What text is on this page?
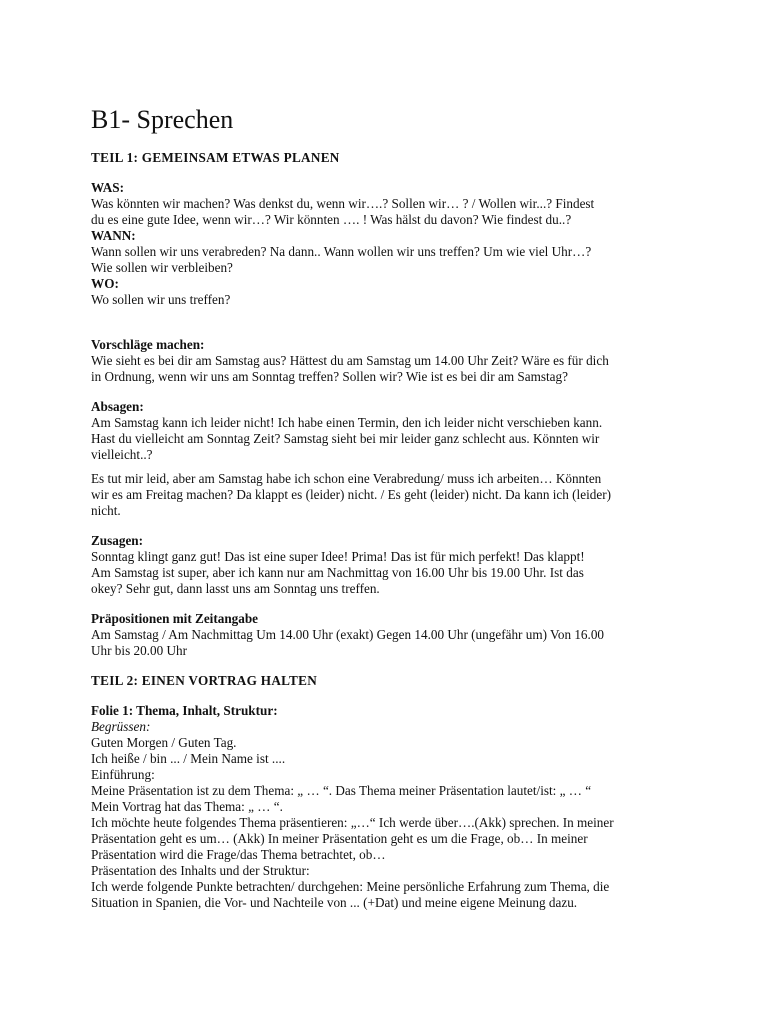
B1- Sprechen
TEIL 1: GEMEINSAM ETWAS PLANEN
WAS:
Was könnten wir machen? Was denkst du, wenn wir….? Sollen wir… ? / Wollen wir...? Findest
du es eine gute Idee, wenn wir…? Wir könnten …. ! Was hälst du davon? Wie findest du..?
WANN:
Wann sollen wir uns verabreden? Na dann.. Wann wollen wir uns treffen? Um wie viel Uhr…?
Wie sollen wir verbleiben?
WO:
Wo sollen wir uns treffen?
Vorschläge machen:
Wie sieht es bei dir am Samstag aus? Hättest du am Samstag um 14.00 Uhr Zeit? Wäre es für dich
in Ordnung, wenn wir uns am Sonntag treffen? Sollen wir? Wie ist es bei dir am Samstag?
Absagen:
Am Samstag kann ich leider nicht! Ich habe einen Termin, den ich leider nicht verschieben kann.
Hast du vielleicht am Sonntag Zeit? Samstag sieht bei mir leider ganz schlecht aus. Könnten wir
vielleicht..?
Es tut mir leid, aber am Samstag habe ich schon eine Verabredung/ muss ich arbeiten… Könnten
wir es am Freitag machen? Da klappt es (leider) nicht. / Es geht (leider) nicht. Da kann ich (leider)
nicht.
Zusagen:
Sonntag klingt ganz gut! Das ist eine super Idee! Prima! Das ist für mich perfekt! Das klappt!
Am Samstag ist super, aber ich kann nur am Nachmittag von 16.00 Uhr bis 19.00 Uhr. Ist das
okey? Sehr gut, dann lasst uns am Sonntag uns treffen.
Präpositionen mit Zeitangabe
Am Samstag / Am Nachmittag Um 14.00 Uhr (exakt) Gegen 14.00 Uhr (ungefähr um) Von 16.00
Uhr bis 20.00 Uhr
TEIL 2: EINEN VORTRAG HALTEN
Folie 1: Thema, Inhalt, Struktur:
Begrüssen:
Guten Morgen / Guten Tag.
Ich heiße / bin ... / Mein Name ist ....
Einführung:
Meine Präsentation ist zu dem Thema: „ … “. Das Thema meiner Präsentation lautet/ist: „ … “
Mein Vortrag hat das Thema: „ … “.
Ich möchte heute folgendes Thema präsentieren: „…“ Ich werde über….(Akk) sprechen. In meiner
Präsentation geht es um… (Akk) In meiner Präsentation geht es um die Frage, ob… In meiner
Präsentation wird die Frage/das Thema betrachtet, ob…
Präsentation des Inhalts und der Struktur:
Ich werde folgende Punkte betrachten/ durchgehen: Meine persönliche Erfahrung zum Thema, die
Situation in Spanien, die Vor- und Nachteile von ... (+Dat) und meine eigene Meinung dazu.
